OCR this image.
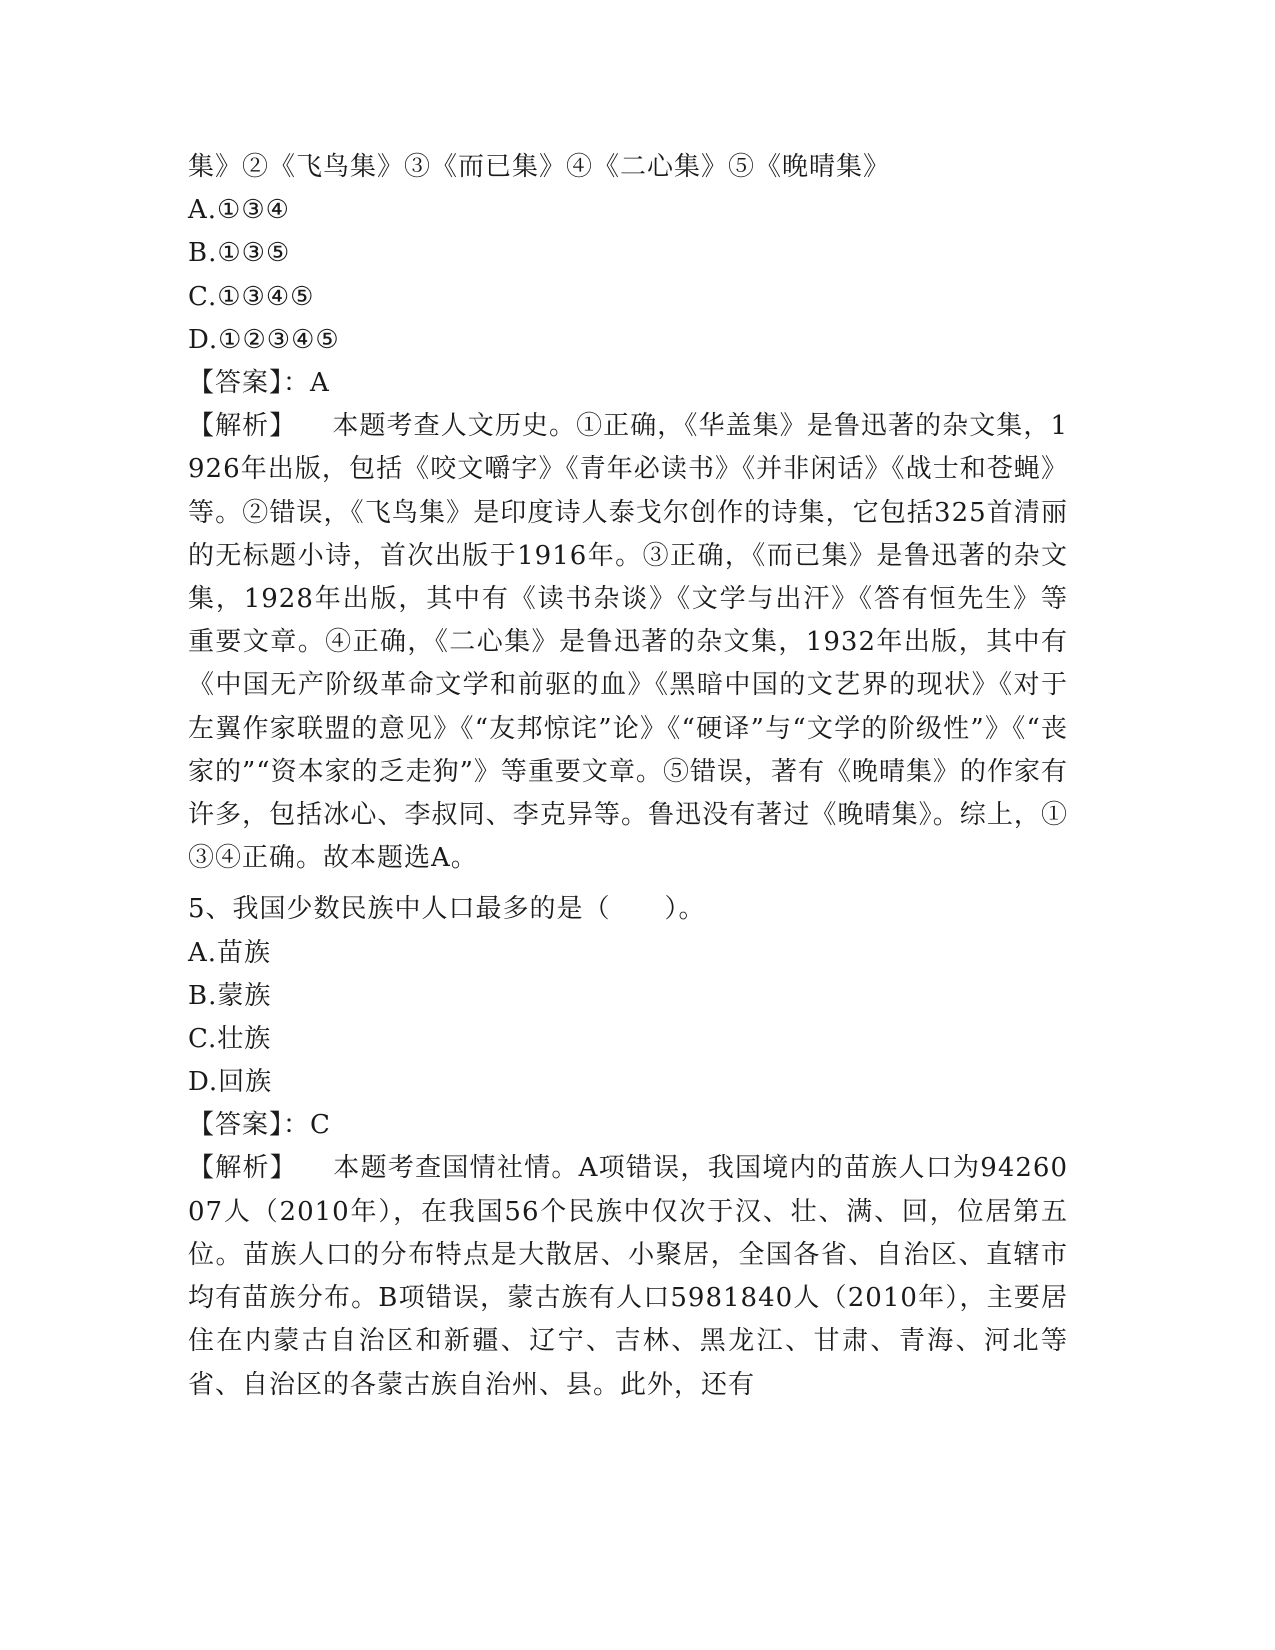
集》②《飞鸟集》③《而已集》④《二心集》⑤《晚晴集》
A.①③④
B.①③⑤
C.①③④⑤
D.①②③④⑤
【答案】：A

【解析】 本题考查人文历史。①正确，《华盖集》是鲁迅著的杂文集，1926年出版，包括《咬文嚼字》《青年必读书》《并非闲话》《战士和苍蝇》等。②错误，《飞鸟集》是印度诗人泰戈尔创作的诗集，它包括325首清丽的无标题小诗，首次出版于1916年。③正确，《而已集》是鲁迅著的杂文集，1928年出版，其中有《读书杂谈》《文学与出汗》《答有恒先生》等重要文章。④正确，《二心集》是鲁迅著的杂文集，1932年出版，其中有《中国无产阶级革命文学和前驱的血》《黑暗中国的文艺界的现状》《对于左翼作家联盟的意见》《“友邦惊诧”论》《“硬译”与“文学的阶级性”》《“丧家的”“资本家的乏走狗”》等重要文章。⑤错误，著有《晚晴集》的作家有许多，包括冰心、李叔同、李克异等。鲁迅没有著过《晚晴集》。综上，①③④正确。故本题选A。

5、我国少数民族中人口最多的是（　　）。
A.苗族
B.蒙族
C.壮族
D.回族
【答案】：C

【解析】 本题考查国情社情。A项错误，我国境内的苗族人口为9426007人（2010年），在我国56个民族中仅次于汉、壮、满、回，位居第五位。苗族人口的分布特点是大散居、小聚居，全国各省、自治区、直辖市均有苗族分布。B项错误，蒙古族有人口5981840人（2010年），主要居住在内蒙古自治区和新疆、辽宁、吉林、黑龙江、甘肃、青海、河北等省、自治区的各蒙古族自治州、县。此外，还有
